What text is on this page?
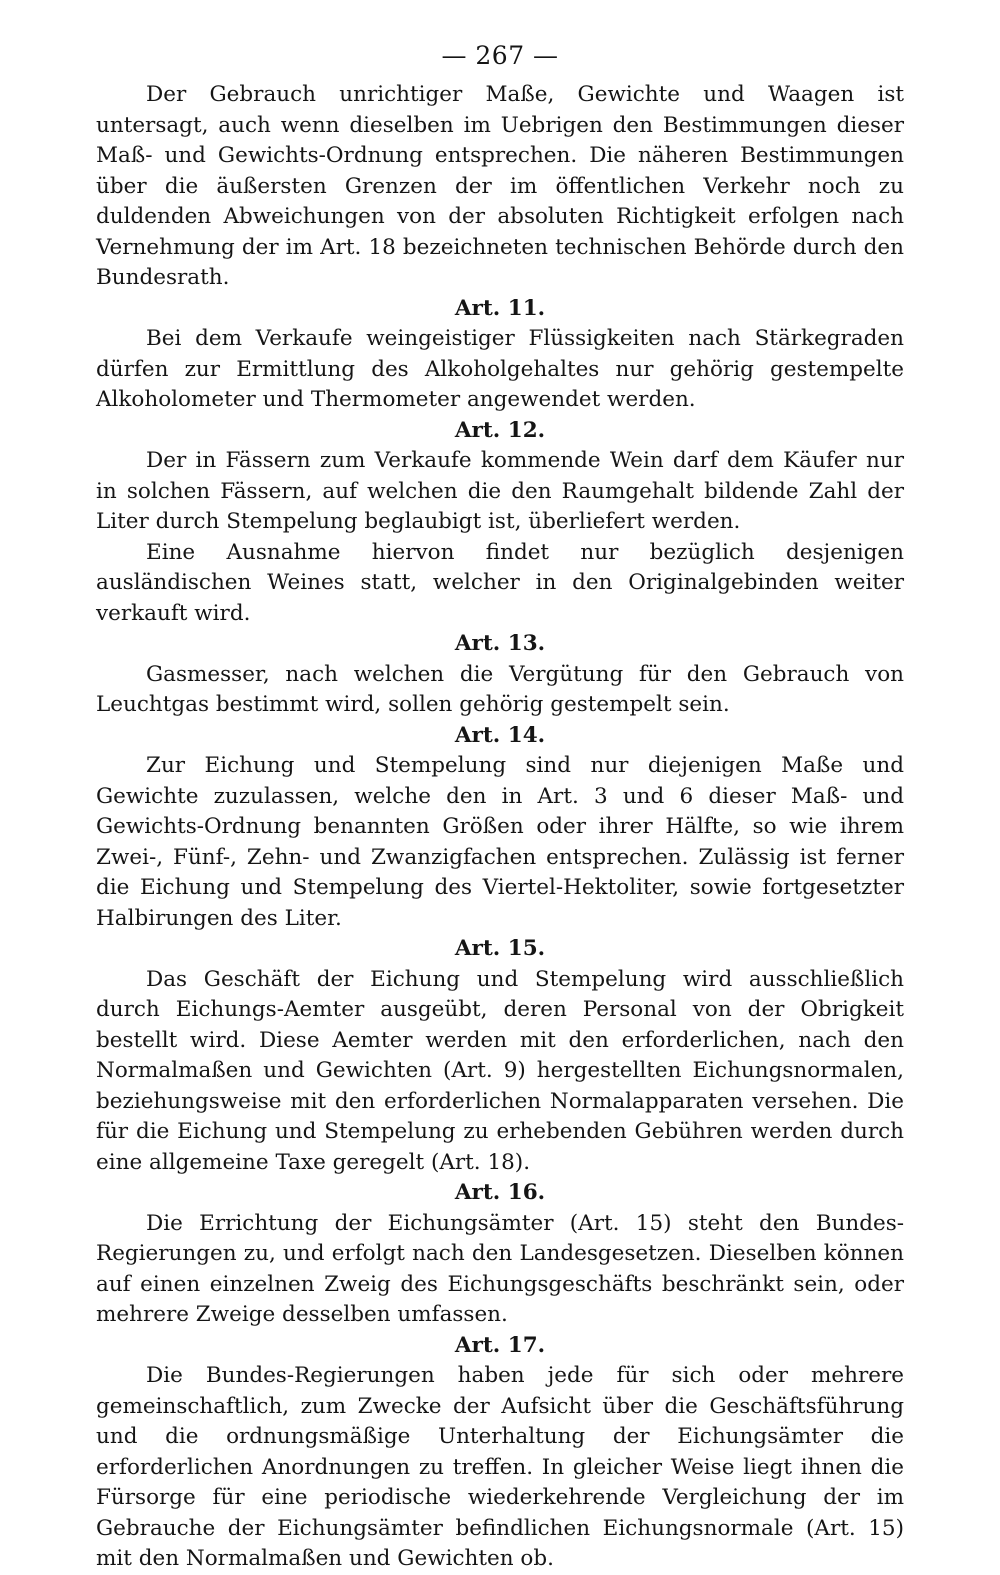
— 267 —

Der Gebrauch unrichtiger Maße, Gewichte und Waagen ist untersagt, auch wenn dieselben im Uebrigen den Bestimmungen dieser Maß- und Gewichts-Ordnung entsprechen. Die näheren Bestimmungen über die äußersten Grenzen der im öffentlichen Verkehr noch zu duldenden Abweichungen von der absoluten Richtigkeit erfolgen nach Vernehmung der im Art. 18 bezeichneten technischen Behörde durch den Bundesrath.

Art. 11.

Bei dem Verkaufe weingeistiger Flüssigkeiten nach Stärkegraden dürfen zur Ermittlung des Alkoholgehaltes nur gehörig gestempelte Alkoholometer und Thermometer angewendet werden.

Art. 12.

Der in Fässern zum Verkaufe kommende Wein darf dem Käufer nur in solchen Fässern, auf welchen die den Raumgehalt bildende Zahl der Liter durch Stempelung beglaubigt ist, überliefert werden.

Eine Ausnahme hiervon findet nur bezüglich desjenigen ausländischen Weines statt, welcher in den Originalgebinden weiter verkauft wird.

Art. 13.

Gasmesser, nach welchen die Vergütung für den Gebrauch von Leuchtgas bestimmt wird, sollen gehörig gestempelt sein.

Art. 14.

Zur Eichung und Stempelung sind nur diejenigen Maße und Gewichte zuzulassen, welche den in Art. 3 und 6 dieser Maß- und Gewichts-Ordnung benannten Größen oder ihrer Hälfte, so wie ihrem Zwei-, Fünf-, Zehn- und Zwanzigfachen entsprechen. Zulässig ist ferner die Eichung und Stempelung des Viertel-Hektoliter, sowie fortgesetzter Halbirungen des Liter.

Art. 15.

Das Geschäft der Eichung und Stempelung wird ausschließlich durch Eichungs-Aemter ausgeübt, deren Personal von der Obrigkeit bestellt wird. Diese Aemter werden mit den erforderlichen, nach den Normalmaßen und Gewichten (Art. 9) hergestellten Eichungsnormalen, beziehungsweise mit den erforderlichen Normalapparaten versehen. Die für die Eichung und Stempelung zu erhebenden Gebühren werden durch eine allgemeine Taxe geregelt (Art. 18).

Art. 16.

Die Errichtung der Eichungsämter (Art. 15) steht den Bundes-Regierungen zu, und erfolgt nach den Landesgesetzen. Dieselben können auf einen einzelnen Zweig des Eichungsgeschäfts beschränkt sein, oder mehrere Zweige desselben umfassen.

Art. 17.

Die Bundes-Regierungen haben jede für sich oder mehrere gemeinschaftlich, zum Zwecke der Aufsicht über die Geschäftsführung und die ordnungsmäßige Unterhaltung der Eichungsämter die erforderlichen Anordnungen zu treffen. In gleicher Weise liegt ihnen die Fürsorge für eine periodische wiederkehrende Vergleichung der im Gebrauche der Eichungsämter befindlichen Eichungsnormale (Art. 15) mit den Normalmaßen und Gewichten ob.
